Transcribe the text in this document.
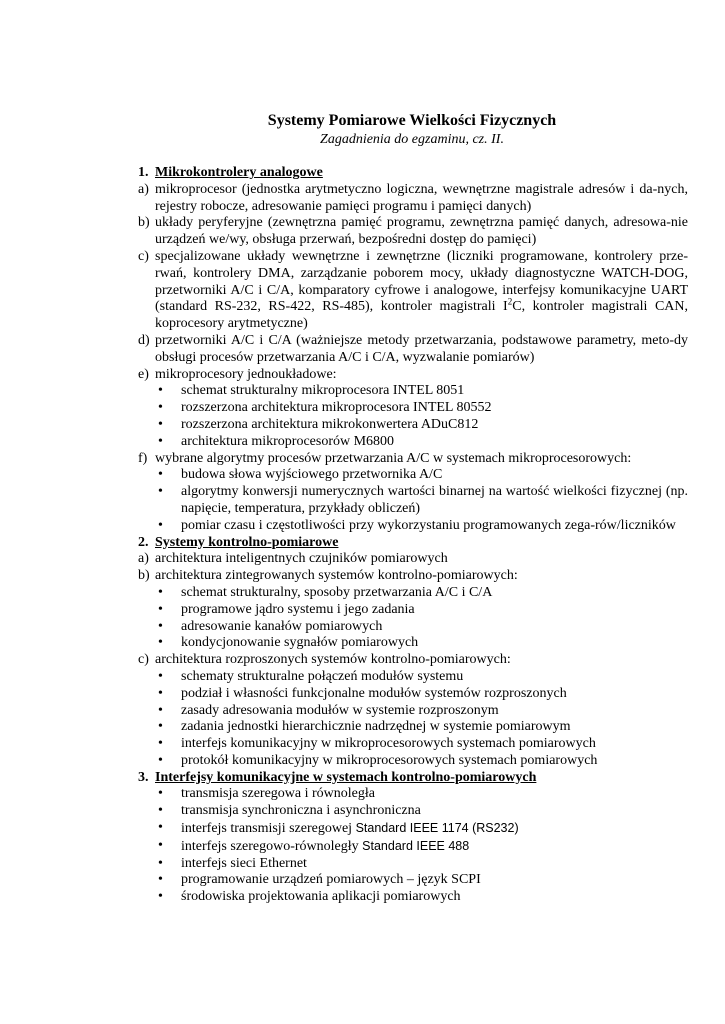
Systemy Pomiarowe Wielkości Fizycznych
Zagadnienia do egzaminu, cz. II.
1. Mikrokontrolery analogowe
a) mikroprocesor (jednostka arytmetyczno logiczna, wewnętrzne magistrale adresów i da-nych, rejestry robocze, adresowanie pamięci programu i pamięci danych)
b) układy peryferyjne (zewnętrzna pamięć programu, zewnętrzna pamięć danych, adresowa-nie urządzeń we/wy, obsługa przerwań, bezpośredni dostęp do pamięci)
c) specjalizowane układy wewnętrzne i zewnętrzne (liczniki programowane, kontrolery prze-rwań, kontrolery DMA, zarządzanie poborem mocy, układy diagnostyczne WATCH-DOG, przetworniki A/C i C/A, komparatory cyfrowe i analogowe, interfejsy komunikacyjne UART (standard RS-232, RS-422, RS-485), kontroler magistrali $I^2C$, kontroler magistrali CAN, koprocesory arytmetyczne)
d) przetworniki A/C i C/A (ważniejsze metody przetwarzania, podstawowe parametry, meto-dy obsługi procesów przetwarzania A/C i C/A, wyzwalanie pomiarów)
e) mikroprocesory jednoukładowe:
• schemat strukturalny mikroprocesora INTEL 8051
• rozszerzona architektura mikroprocesora INTEL 80552
• rozszerzona architektura mikrokonwertera ADuC812
• architektura mikroprocesorów M6800
f) wybrane algorytmy procesów przetwarzania A/C w systemach mikroprocesorowych:
• budowa słowa wyjściowego przetwornika A/C
• algorytmy konwersji numerycznych wartości binarnej na wartość wielkości fizycznej (np. napięcie, temperatura, przykłady obliczeń)
• pomiar czasu i częstotliwości przy wykorzystaniu programowanych zega-rów/liczników
2. Systemy kontrolno-pomiarowe
a) architektura inteligentnych czujników pomiarowych
b) architektura zintegrowanych systemów kontrolno-pomiarowych:
• schemat strukturalny, sposoby przetwarzania A/C i C/A
• programowe jądro systemu i jego zadania
• adresowanie kanałów pomiarowych
• kondycjonowanie sygnałów pomiarowych
c) architektura rozproszonych systemów kontrolno-pomiarowych:
• schematy strukturalne połączeń modułów systemu
• podział i własności funkcjonalne modułów systemów rozproszonych
• zasady adresowania modułów w systemie rozproszonym
• zadania jednostki hierarchicznie nadrzędnej w systemie pomiarowym
• interfejs komunikacyjny w mikroprocesorowych systemach pomiarowych
• protokół komunikacyjny w mikroprocesorowych systemach pomiarowych
3. Interfejsy komunikacyjne w systemach kontrolno-pomiarowych
• transmisja szeregowa i równoległa
• transmisja synchroniczna i asynchroniczna
• interfejs transmisji szeregowej Standard IEEE 1174 (RS232)
• interfejs szeregowo-równoległy Standard IEEE 488
• interfejs sieci Ethernet
• programowanie urządzeń pomiarowych – język SCPI
• środowiska projektowania aplikacji pomiarowych
